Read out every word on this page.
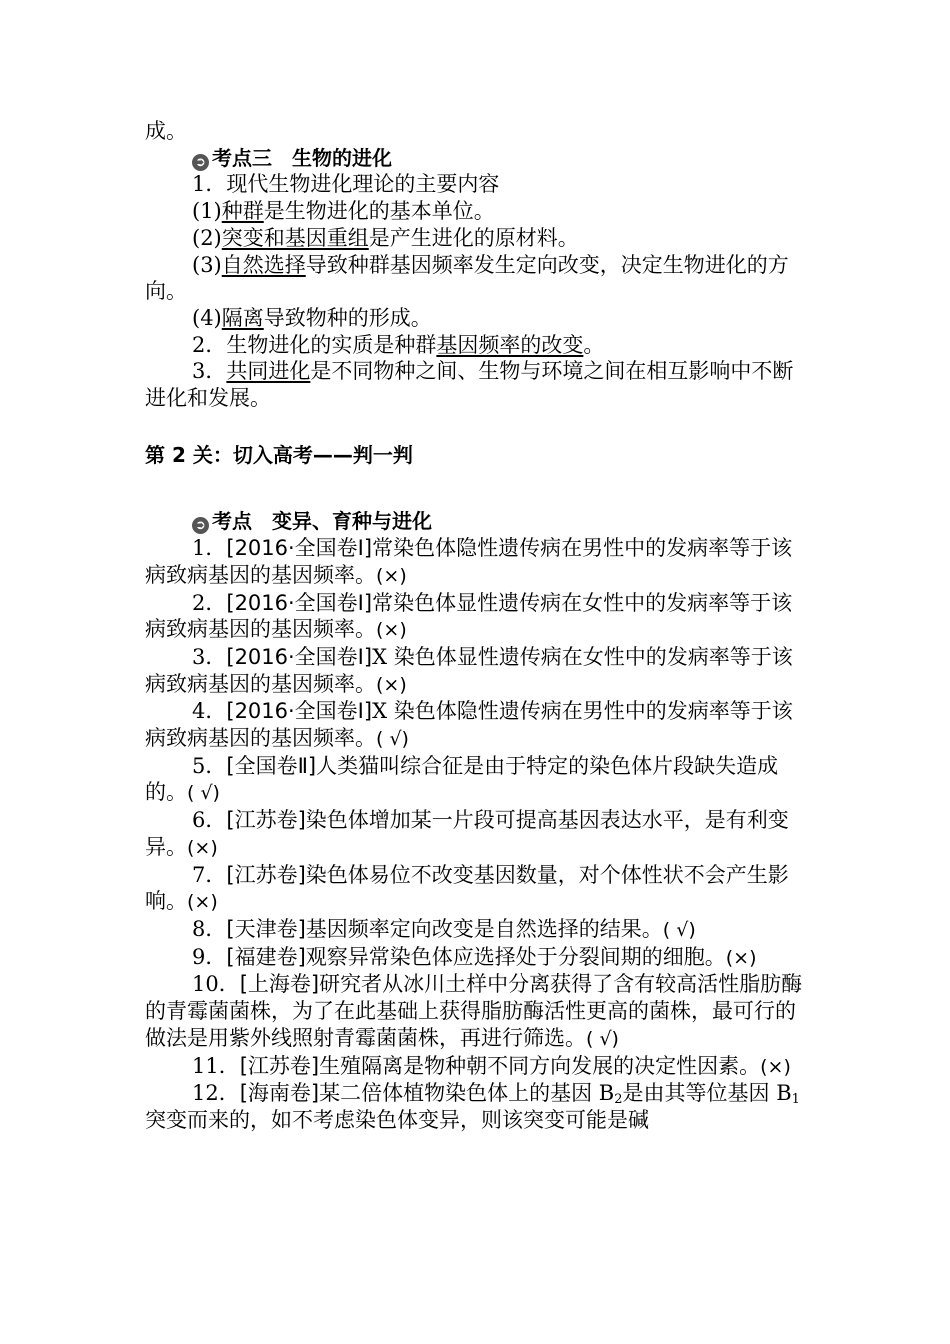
成。

➲ 考点三　生物的进化

1．现代生物进化理论的主要内容

(1)种群是生物进化的基本单位。

(2)突变和基因重组是产生进化的原材料。

(3)自然选择导致种群基因频率发生定向改变，决定生物进化的方向。

(4)隔离导致物种的形成。

2．生物进化的实质是种群基因频率的改变。

3．共同进化是不同物种之间、生物与环境之间在相互影响中不断进化和发展。

第 2 关：切入高考——判一判

➲ 考点　变异、育种与进化

1．[2016·全国卷Ⅰ]常染色体隐性遗传病在男性中的发病率等于该病致病基因的基因频率。(×)

2．[2016·全国卷Ⅰ]常染色体显性遗传病在女性中的发病率等于该病致病基因的基因频率。(×)

3．[2016·全国卷Ⅰ]X 染色体显性遗传病在女性中的发病率等于该病致病基因的基因频率。(×)

4．[2016·全国卷Ⅰ]X 染色体隐性遗传病在男性中的发病率等于该病致病基因的基因频率。( √)

5．[全国卷Ⅱ]人类猫叫综合征是由于特定的染色体片段缺失造成的。( √)

6．[江苏卷]染色体增加某一片段可提高基因表达水平，是有利变异。(×)

7．[江苏卷]染色体易位不改变基因数量，对个体性状不会产生影响。(×)

8．[天津卷]基因频率定向改变是自然选择的结果。( √)

9．[福建卷]观察异常染色体应选择处于分裂间期的细胞。(×)

10．[上海卷]研究者从冰川土样中分离获得了含有较高活性脂肪酶的青霉菌菌株，为了在此基础上获得脂肪酶活性更高的菌株，最可行的做法是用紫外线照射青霉菌菌株，再进行筛选。( √)

11．[江苏卷]生殖隔离是物种朝不同方向发展的决定性因素。(×)

12．[海南卷]某二倍体植物染色体上的基因 $B_2$是由其等位基因 $B_1$突变而来的，如不考虑染色体变异，则该突变可能是碱
